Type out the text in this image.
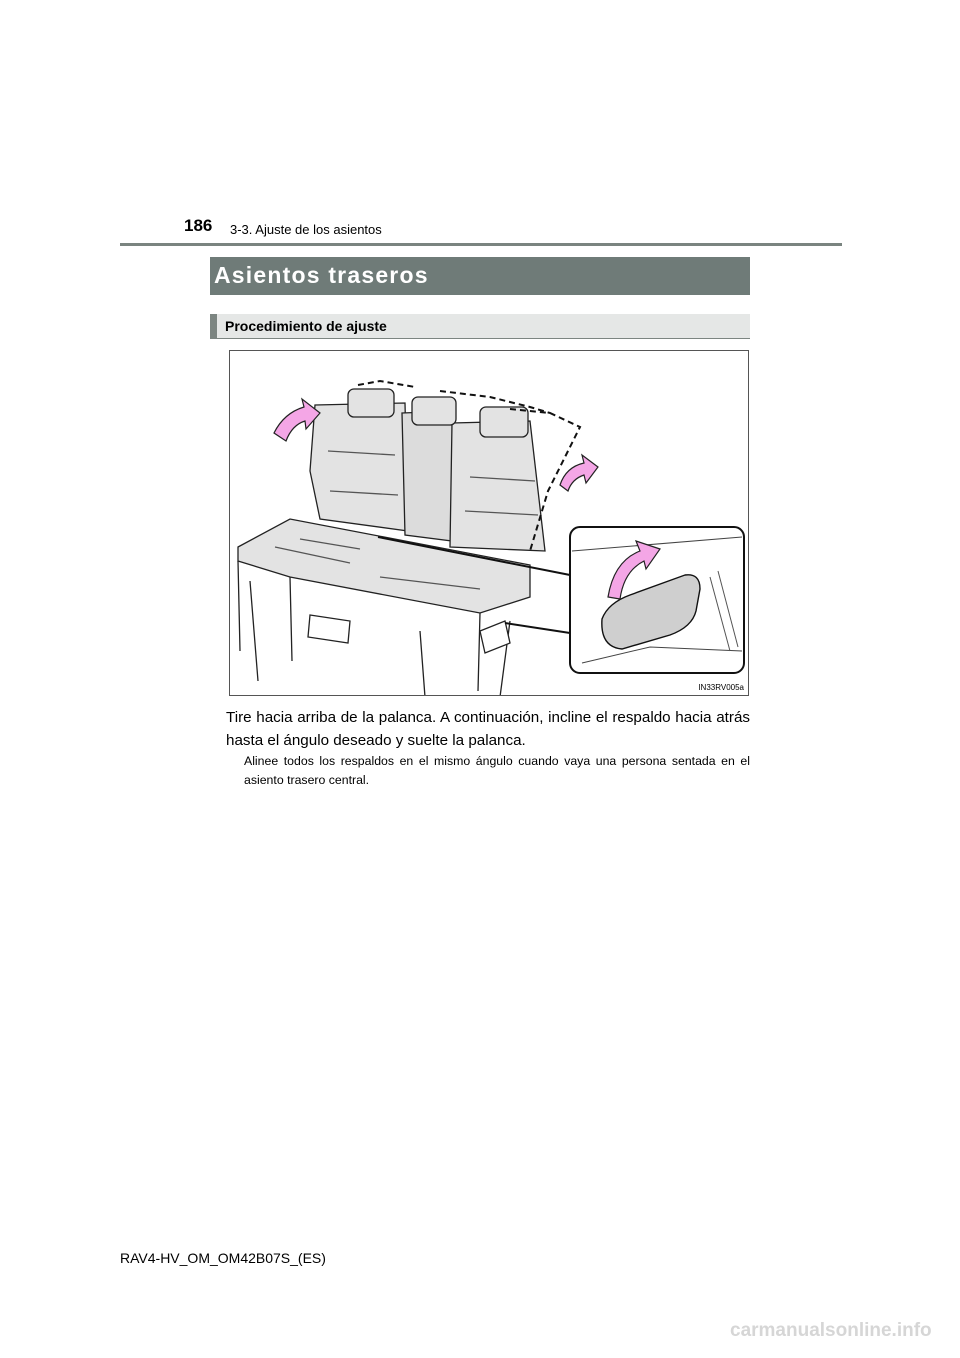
186 3-3. Ajuste de los asientos
Asientos traseros
Procedimiento de ajuste
IN33RV005a
Tire hacia arriba de la palanca. A continuación, incline el respaldo hacia atrás hasta el ángulo deseado y suelte la palanca.
Alinee todos los respaldos en el mismo ángulo cuando vaya una persona sentada en el asiento trasero central.
RAV4-HV_OM_OM42B07S_(ES)
carmanualsonline.info
